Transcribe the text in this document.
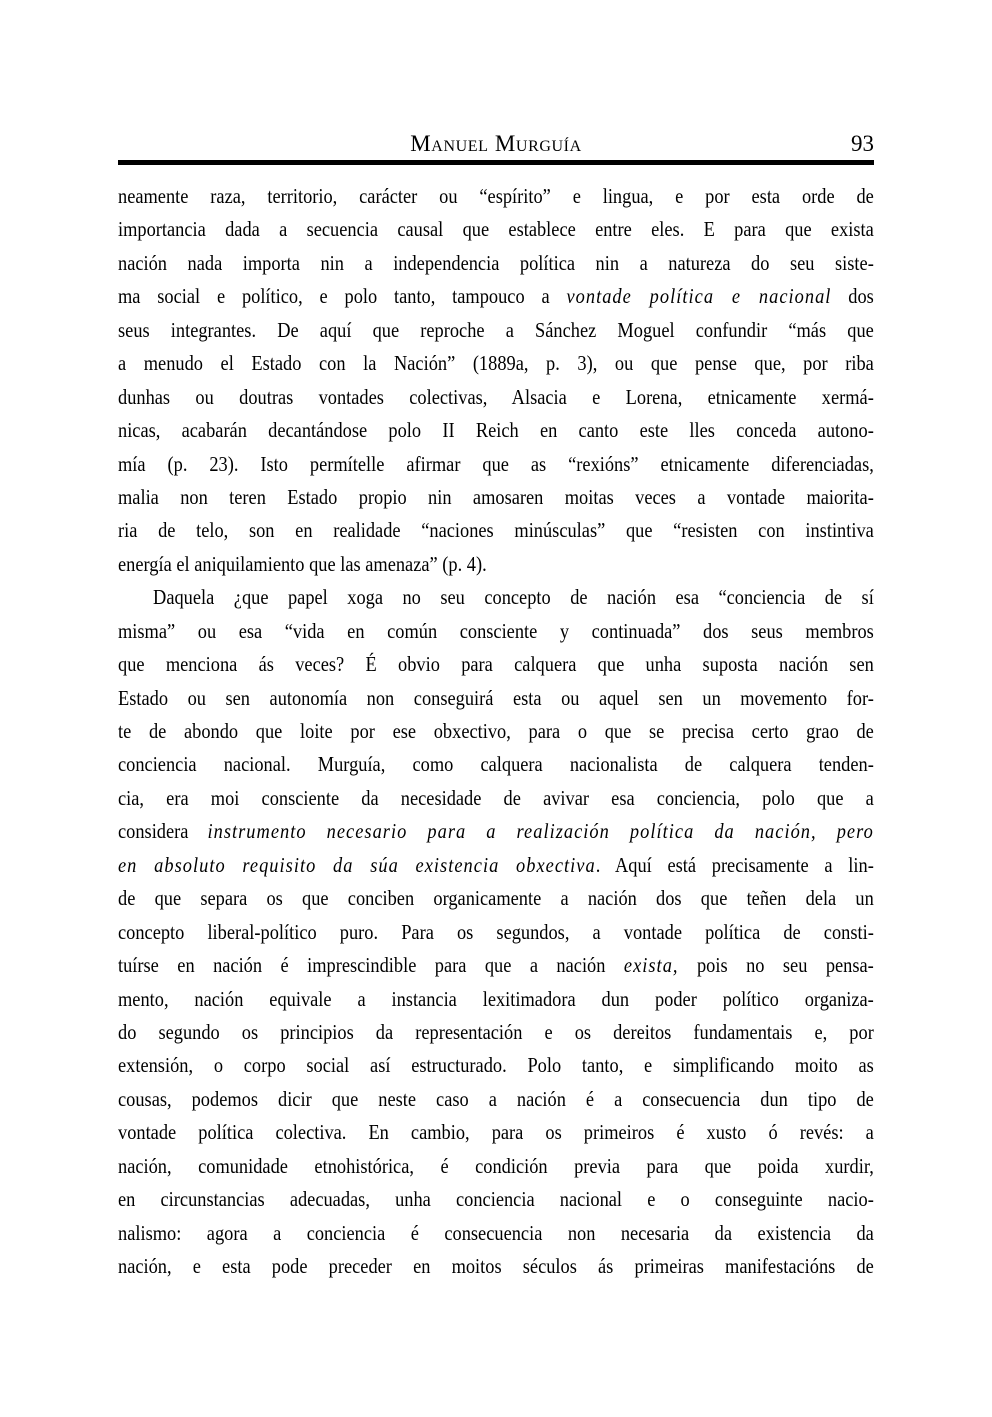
Manuel Murguía	93
neamente raza, territorio, carácter ou “espírito” e lingua, e por esta orde de
importancia dada a secuencia causal que establece entre eles. E para que exista
nación nada importa nin a independencia política nin a natureza do seu siste-
ma social e político, e polo tanto, tampouco a vontade política e nacional dos
seus integrantes. De aquí que reproche a Sánchez Moguel confundir “más que
a menudo el Estado con la Nación” (1889a, p. 3), ou que pense que, por riba
dunhas ou doutras vontades colectivas, Alsacia e Lorena, etnicamente xermá-
nicas, acabarán decantándose polo II Reich en canto este lles conceda autono-
mía (p. 23). Isto permítelle afirmar que as “rexións” etnicamente diferenciadas,
malia non teren Estado propio nin amosaren moitas veces a vontade maiorita-
ria de telo, son en realidade “naciones minúsculas” que “resisten con instintiva
energía el aniquilamiento que las amenaza” (p. 4).
Daquela ¿que papel xoga no seu concepto de nación esa “conciencia de sí
misma” ou esa “vida en común consciente y continuada” dos seus membros
que menciona ás veces? É obvio para calquera que unha suposta nación sen
Estado ou sen autonomía non conseguirá esta ou aquel sen un movemento for-
te de abondo que loite por ese obxectivo, para o que se precisa certo grao de
conciencia nacional. Murguía, como calquera nacionalista de calquera tenden-
cia, era moi consciente da necesidade de avivar esa conciencia, polo que a
considera instrumento necesario para a realización política da nación, pero
en absoluto requisito da súa existencia obxectiva. Aquí está precisamente a lin-
de que separa os que conciben organicamente a nación dos que teñen dela un
concepto liberal-político puro. Para os segundos, a vontade política de consti-
tuírse en nación é imprescindible para que a nación exista, pois no seu pensa-
mento, nación equivale a instancia lexitimadora dun poder político organiza-
do segundo os principios da representación e os dereitos fundamentais e, por
extensión, o corpo social así estructurado. Polo tanto, e simplificando moito as
cousas, podemos dicir que neste caso a nación é a consecuencia dun tipo de
vontade política colectiva. En cambio, para os primeiros é xusto ó revés: a
nación, comunidade etnohistórica, é condición previa para que poida xurdir,
en circunstancias adecuadas, unha conciencia nacional e o conseguinte nacio-
nalismo: agora a conciencia é consecuencia non necesaria da existencia da
nación, e esta pode preceder en moitos séculos ás primeiras manifestacións de
